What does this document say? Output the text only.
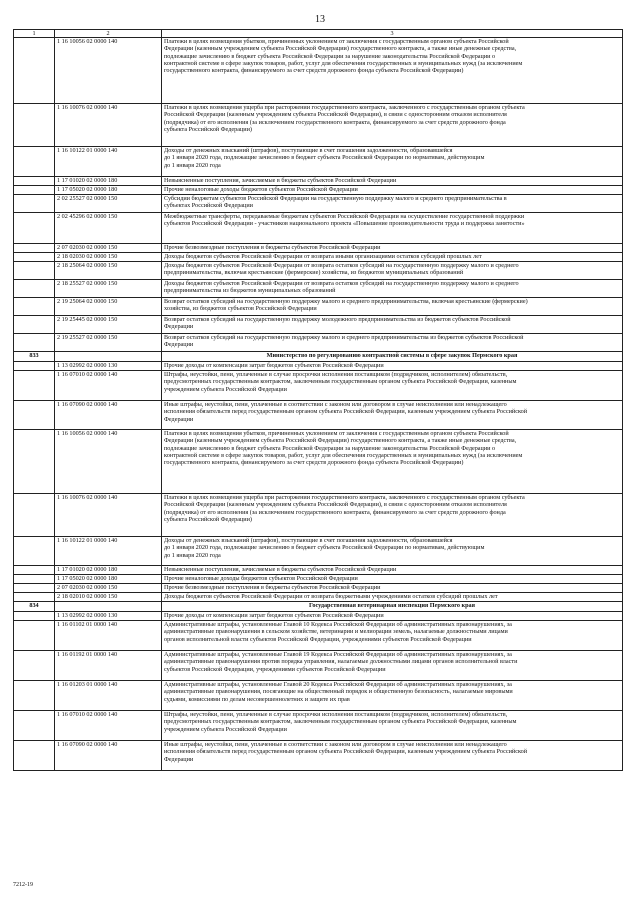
13
1	2	3
	1 16 10056 02 0000 140	Платежи в целях возмещения убытков, причиненных уклонением от заключения с государственным органом субъекта Российской
Федерации (казенным учреждением субъекта Российской Федерации) государственного контракта, а также иные денежные средства,
подлежащие зачислению в бюджет субъекта Российской Федерации за нарушение законодательства Российской Федерации о
контрактной системе в сфере закупок товаров, работ, услуг для обеспечения государственных и муниципальных нужд (за исключением
государственного контракта, финансируемого за счет средств дорожного фонда субъекта Российской Федерации)
	1 16 10076 02 0000 140	Платежи в целях возмещения ущерба при расторжении государственного контракта, заключенного с государственным органом субъекта
Российской Федерации (казенным учреждением субъекта Российской Федерации), в связи с односторонним отказом исполнителя
(подрядчика) от его исполнения (за исключением государственного контракта, финансируемого за счет средств дорожного фонда
субъекта Российской Федерации)
	1 16 10122 01 0000 140	Доходы от денежных взысканий (штрафов), поступающие в счет погашения задолженности, образовавшейся
до 1 января 2020 года, подлежащие зачислению в бюджет субъекта Российской Федерации по нормативам, действующим
до 1 января 2020 года
	1 17 01020 02 0000 180	Невыясненные поступления, зачисляемые в бюджеты субъектов Российской Федерации
	1 17 05020 02 0000 180	Прочие неналоговые доходы бюджетов субъектов Российской Федерации
	2 02 25527 02 0000 150	Субсидии бюджетам субъектов Российской Федерации на государственную поддержку малого и среднего предпринимательства в
субъектах Российской Федерации
	2 02 45296 02 0000 150	Межбюджетные трансферты, передаваемые бюджетам субъектов Российской Федерации на осуществление государственной поддержки
субъектов Российской Федерации - участников национального проекта «Повышение производительности труда и поддержка занятости»
	2 07 02030 02 0000 150	Прочие безвозмездные поступления в бюджеты субъектов Российской Федерации
	2 18 02030 02 0000 150	Доходы бюджетов субъектов Российской Федерации от возврата иными организациями остатков субсидий прошлых лет
	2 18 25064 02 0000 150	Доходы бюджетов субъектов Российской Федерации от возврата остатков субсидий на государственную поддержку малого и среднего
предпринимательства, включая крестьянские (фермерские) хозяйства, из бюджетов муниципальных образований
	2 18 25527 02 0000 150	Доходы бюджетов субъектов Российской Федерации от возврата остатков субсидий на государственную поддержку малого и среднего
предпринимательства из бюджетов муниципальных образований
	2 19 25064 02 0000 150	Возврат остатков субсидий на государственную поддержку малого и среднего предпринимательства, включая крестьянские (фермерские)
хозяйства, из бюджетов субъектов Российской Федерации
	2 19 25445 02 0000 150	Возврат остатков субсидий на государственную поддержку молодежного предпринимательства из бюджетов субъектов Российской
Федерации
	2 19 25527 02 0000 150	Возврат остатков субсидий на государственную поддержку малого и среднего предпринимательства из бюджетов субъектов Российской
Федерации
833		Министерство по регулированию контрактной системы в сфере закупок Пермского края
	1 13 02992 02 0000 130	Прочие доходы от компенсации затрат бюджетов субъектов Российской Федерации
	1 16 07010 02 0000 140	Штрафы, неустойки, пени, уплаченные в случае просрочки исполнения поставщиком (подрядчиком, исполнителем) обязательств,
предусмотренных государственным контрактом, заключенным государственным органом субъекта Российской Федерации, казенным
учреждением субъекта Российской Федерации
	1 16 07090 02 0000 140	Иные штрафы, неустойки, пени, уплаченные в соответствии с законом или договором в случае неисполнения или ненадлежащего
исполнения обязательств перед государственным органом субъекта Российской Федерации, казенным учреждением субъекта Российской
Федерации
	1 16 10056 02 0000 140	Платежи в целях возмещения убытков, причиненных уклонением от заключения с государственным органом субъекта Российской
Федерации (казенным учреждением субъекта Российской Федерации) государственного контракта, а также иные денежные средства,
подлежащие зачислению в бюджет субъекта Российской Федерации за нарушение законодательства Российской Федерации о
контрактной системе в сфере закупок товаров, работ, услуг для обеспечения государственных и муниципальных нужд (за исключением
государственного контракта, финансируемого за счет средств дорожного фонда субъекта Российской Федерации)
	1 16 10076 02 0000 140	Платежи в целях возмещения ущерба при расторжении государственного контракта, заключенного с государственным органом субъекта
Российской Федерации (казенным учреждением субъекта Российской Федерации), в связи с односторонним отказом исполнителя
(подрядчика) от его исполнения (за исключением государственного контракта, финансируемого за счет средств дорожного фонда
субъекта Российской Федерации)
	1 16 10122 01 0000 140	Доходы от денежных взысканий (штрафов), поступающие в счет погашения задолженности, образовавшейся
до 1 января 2020 года, подлежащие зачислению в бюджет субъекта Российской Федерации по нормативам, действующим
до 1 января 2020 года
	1 17 01020 02 0000 180	Невыясненные поступления, зачисляемые в бюджеты субъектов Российской Федерации
	1 17 05020 02 0000 180	Прочие неналоговые доходы бюджетов субъектов Российской Федерации
	2 07 02030 02 0000 150	Прочие безвозмездные поступления в бюджеты субъектов Российской Федерации
	2 18 02010 02 0000 150	Доходы бюджетов субъектов Российской Федерации от возврата бюджетными учреждениями остатков субсидий прошлых лет
834		Государственная ветеринарная инспекция Пермского края
	1 13 02992 02 0000 130	Прочие доходы от компенсации затрат бюджетов субъектов Российской Федерации
	1 16 01102 01 0000 140	Административные штрафы, установленные Главой 10 Кодекса Российской Федерации об административных правонарушениях, за
административные правонарушения в сельском хозяйстве, ветеринарии и мелиорации земель, налагаемые должностными лицами
органов исполнительной власти субъектов Российской Федерации, учреждениями субъектов Российской Федерации
	1 16 01192 01 0000 140	Административные штрафы, установленные Главой 19 Кодекса Российской Федерации об административных правонарушениях, за
административные правонарушения против порядка управления, налагаемые должностными лицами органов исполнительной власти
субъектов Российской Федерации, учреждениями субъектов Российской Федерации
	1 16 01203 01 0000 140	Административные штрафы, установленные Главой 20 Кодекса Российской Федерации об административных правонарушениях, за
административные правонарушения, посягающие на общественный порядок и общественную безопасность, налагаемые мировыми
судьями, комиссиями по делам несовершеннолетних и защите их прав
	1 16 07010 02 0000 140	Штрафы, неустойки, пени, уплаченные в случае просрочки исполнения поставщиком (подрядчиком, исполнителем) обязательств,
предусмотренных государственным контрактом, заключенным государственным органом субъекта Российской Федерации, казенным
учреждением субъекта Российской Федерации
	1 16 07090 02 0000 140	Иные штрафы, неустойки, пени, уплаченные в соответствии с законом или договором в случае неисполнения или ненадлежащего
исполнения обязательств перед государственным органом субъекта Российской Федерации, казенным учреждением субъекта Российской
Федерации
7212-19
